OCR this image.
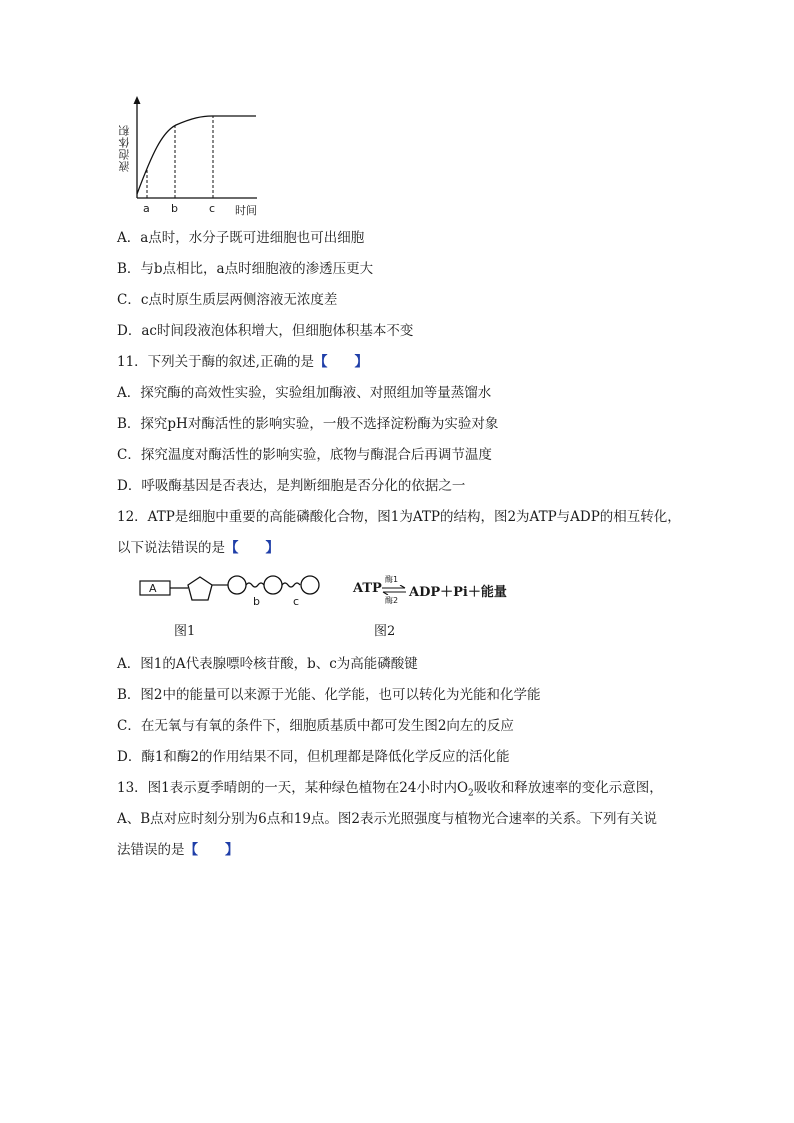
液泡体积
a b	c 时间
A．a点时，水分子既可进细胞也可出细胞
B．与b点相比，a点时细胞液的渗透压更大
C．c点时原生质层两侧溶液无浓度差
D．ac时间段液泡体积增大，但细胞体积基本不变
11．下列关于酶的叙述,正确的是【　　】
A．探究酶的高效性实验，实验组加酶液、对照组加等量蒸馏水
B．探究pH对酶活性的影响实验，一般不选择淀粉酶为实验对象
C．探究温度对酶活性的影响实验，底物与酶混合后再调节温度
D．呼吸酶基因是否表达，是判断细胞是否分化的依据之一
12．ATP是细胞中重要的高能磷酸化合物，图1为ATP的结构，图2为ATP与ADP的相互转化，
以下说法错误的是【　　】
A
b	c
图1
ATP
酶1
酶2
ADP＋Pi＋能量
图2
A．图1的A代表腺嘌呤核苷酸，b、c为高能磷酸键
B．图2中的能量可以来源于光能、化学能，也可以转化为光能和化学能
C．在无氧与有氧的条件下，细胞质基质中都可发生图2向左的反应
D．酶1和酶2的作用结果不同，但机理都是降低化学反应的活化能
13．图1表示夏季晴朗的一天，某种绿色植物在24小时内$O_2$吸收和释放速率的变化示意图，
A、B点对应时刻分别为6点和19点。图2表示光照强度与植物光合速率的关系。下列有关说
法错误的是【　　】
